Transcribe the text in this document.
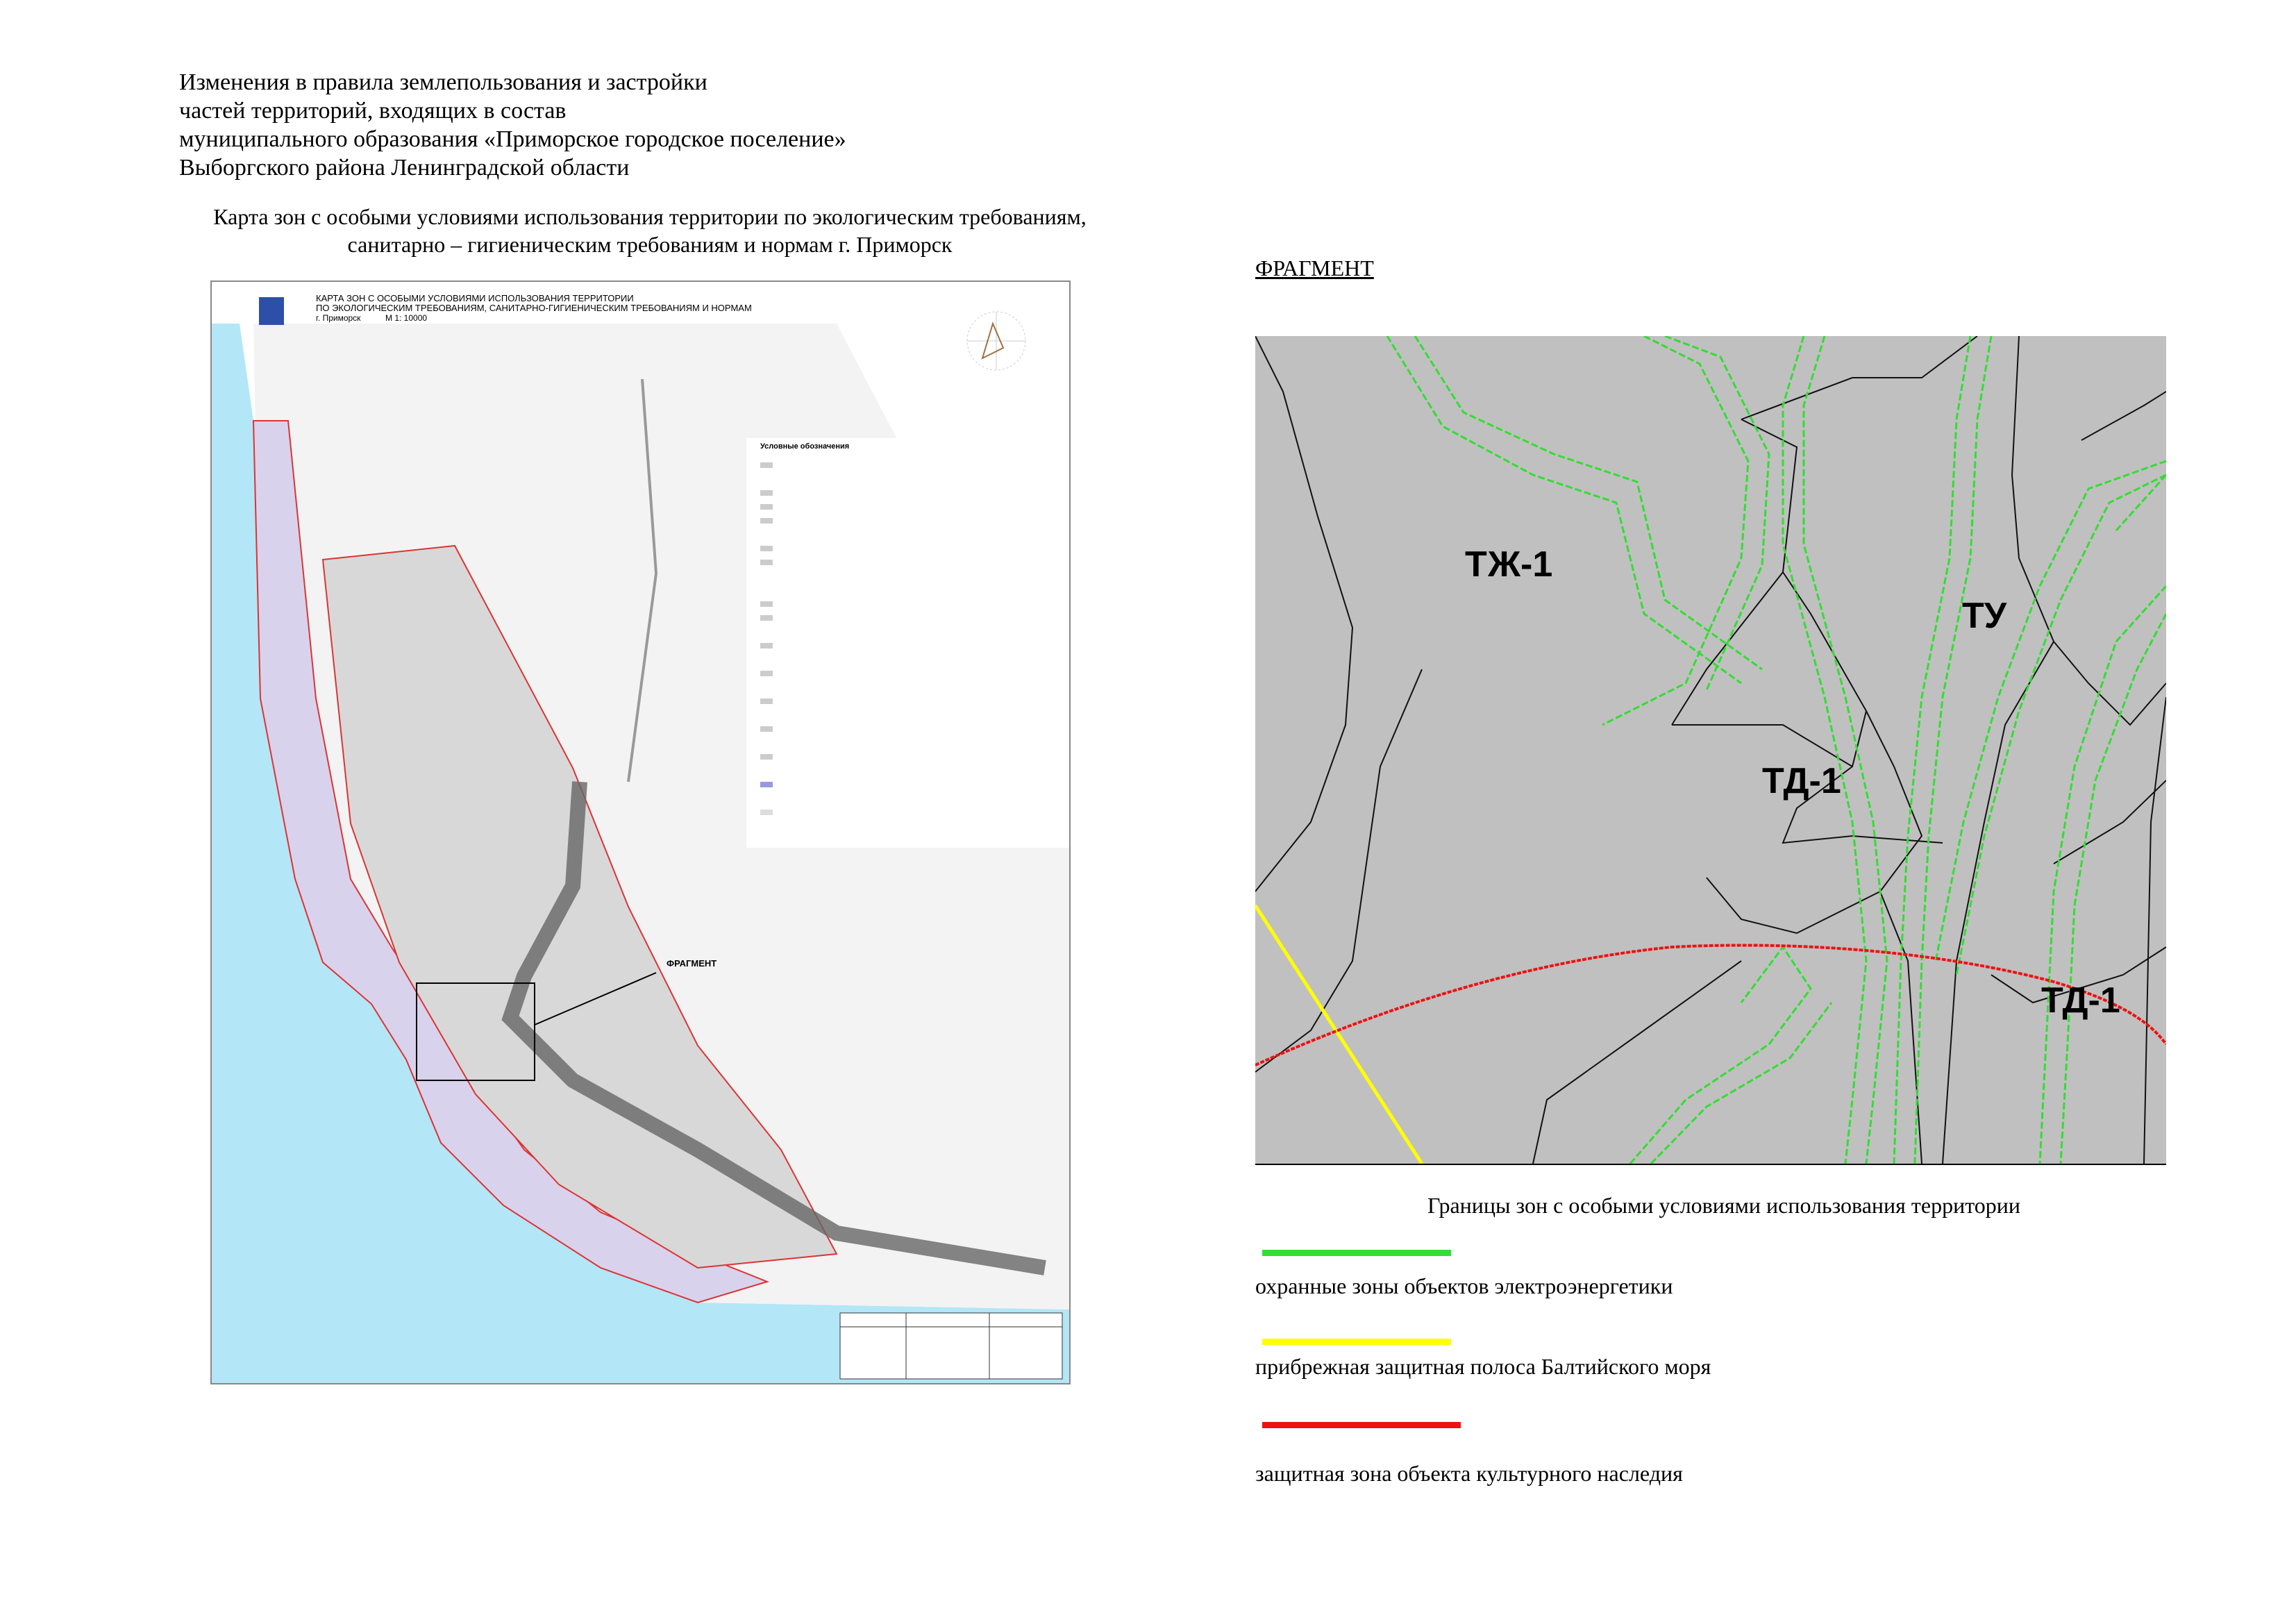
Изменения в правила землепользования и застройки
частей территорий, входящих в состав
муниципального образования «Приморское городское поселение»
Выборгского района Ленинградской области
Карта зон с особыми условиями использования территории по экологическим требованиям,
санитарно – гигиеническим требованиям и нормам г. Приморск
КАРТА ЗОН С ОСОБЫМИ УСЛОВИЯМИ ИСПОЛЬЗОВАНИЯ ТЕРРИТОРИИ
ПО ЭКОЛОГИЧЕСКИМ ТРЕБОВАНИЯМ, САНИТАРНО-ГИГИЕНИЧЕСКИМ ТРЕБОВАНИЯМ И НОРМАМ
г. Приморск	М 1: 10000
Условные обозначения
ФРАГМЕНТ
ФРАГМЕНТ
ТЖ-1
ТУ
ТД-1
ТД-1
Границы зон с особыми условиями использования территории
охранные зоны объектов электроэнергетики
прибрежная защитная полоса Балтийского моря
защитная зона объекта культурного наследия
